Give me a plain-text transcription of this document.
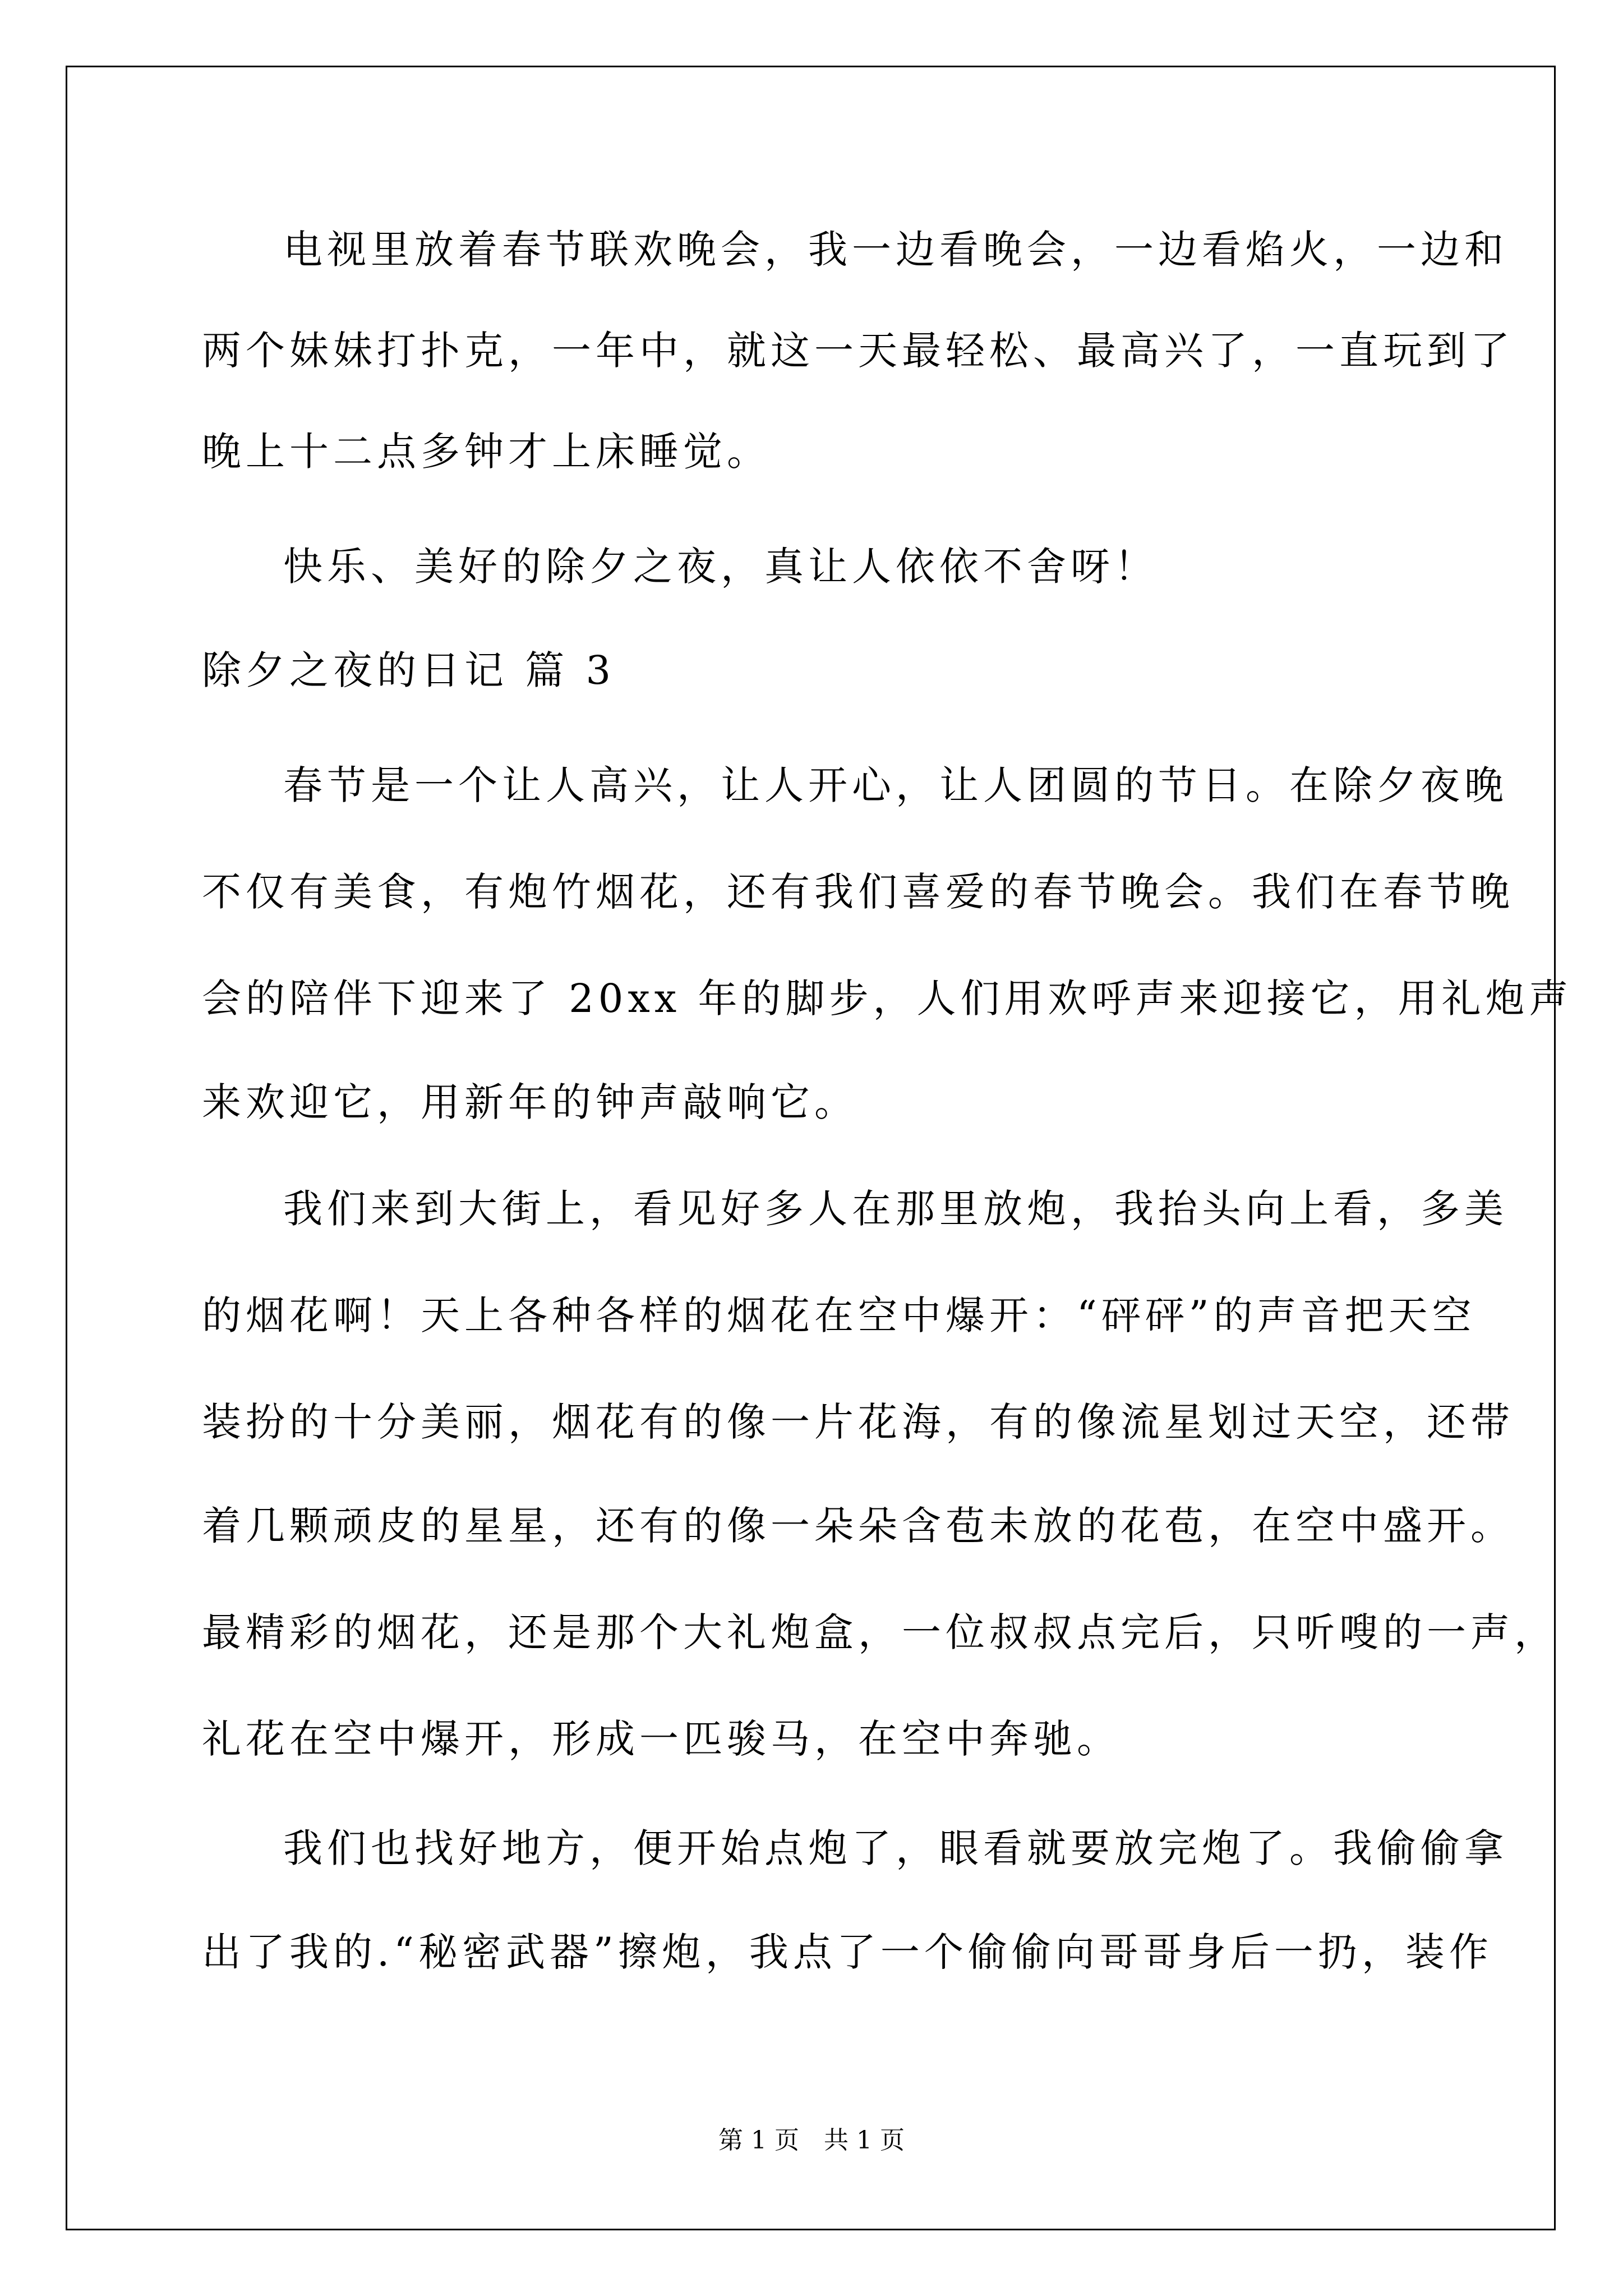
电视里放着春节联欢晚会，我一边看晚会，一边看焰火，一边和

两个妹妹打扑克，一年中，就这一天最轻松、最高兴了，一直玩到了

晚上十二点多钟才上床睡觉。

快乐、美好的除夕之夜，真让人依依不舍呀！

除夕之夜的日记 篇 3

春节是一个让人高兴，让人开心，让人团圆的节日。在除夕夜晚

不仅有美食，有炮竹烟花，还有我们喜爱的春节晚会。我们在春节晚

会的陪伴下迎来了 20xx 年的脚步，人们用欢呼声来迎接它，用礼炮声

来欢迎它，用新年的钟声敲响它。

我们来到大街上，看见好多人在那里放炮，我抬头向上看，多美

的烟花啊！天上各种各样的烟花在空中爆开：“砰砰”的声音把天空

装扮的十分美丽，烟花有的像一片花海，有的像流星划过天空，还带

着几颗顽皮的星星，还有的像一朵朵含苞未放的花苞，在空中盛开。

最精彩的烟花，还是那个大礼炮盒，一位叔叔点完后，只听嗖的一声，

礼花在空中爆开，形成一匹骏马，在空中奔驰。

我们也找好地方，便开始点炮了，眼看就要放完炮了。我偷偷拿

出了我的.“秘密武器”擦炮，我点了一个偷偷向哥哥身后一扔，装作

第 1 页　共 1 页
